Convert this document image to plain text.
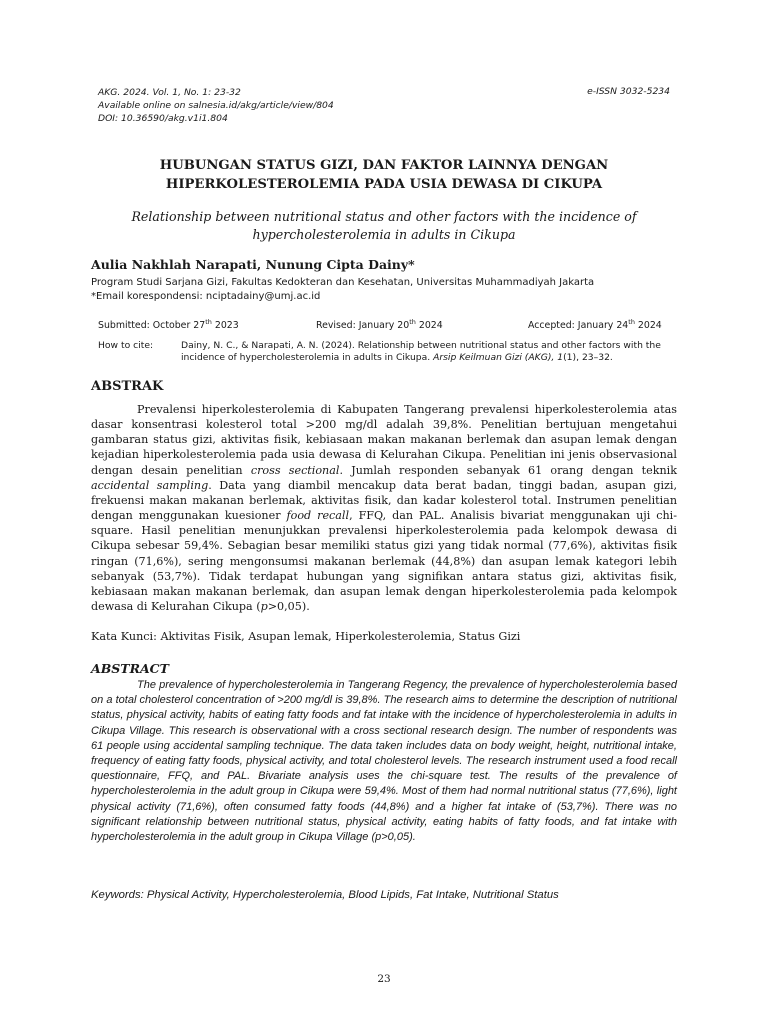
AKG. 2024. Vol. 1, No. 1: 23-32
Available online on salnesia.id/akg/article/view/804
DOI: 10.36590/akg.v1i1.804
e-ISSN 3032-5234
HUBUNGAN STATUS GIZI, DAN FAKTOR LAINNYA DENGAN
HIPERKOLESTEROLEMIA PADA USIA DEWASA DI CIKUPA
Relationship between nutritional status and other factors with the incidence of
hypercholesterolemia in adults in Cikupa
Aulia Nakhlah Narapati, Nunung Cipta Dainy*
Program Studi Sarjana Gizi, Fakultas Kedokteran dan Kesehatan, Universitas Muhammadiyah Jakarta
*Email korespondensi: nciptadainy@umj.ac.id
Submitted: October 27th 2023	Revised: January 20th 2024	Accepted: January 24th 2024
How to cite:	Dainy, N. C., & Narapati, A. N. (2024). Relationship between nutritional status and other factors with the incidence of hypercholesterolemia in adults in Cikupa. Arsip Keilmuan Gizi (AKG), 1(1), 23–32.
ABSTRAK
Prevalensi hiperkolesterolemia di Kabupaten Tangerang prevalensi hiperkolesterolemia atas dasar konsentrasi kolesterol total >200 mg/dl adalah 39,8%. Penelitian bertujuan mengetahui gambaran status gizi, aktivitas fisik, kebiasaan makan makanan berlemak dan asupan lemak dengan kejadian hiperkolesterolemia pada usia dewasa di Kelurahan Cikupa. Penelitian ini jenis observasional dengan desain penelitian cross sectional. Jumlah responden sebanyak 61 orang dengan teknik accidental sampling. Data yang diambil mencakup data berat badan, tinggi badan, asupan gizi, frekuensi makan makanan berlemak, aktivitas fisik, dan kadar kolesterol total. Instrumen penelitian dengan menggunakan kuesioner food recall, FFQ, dan PAL. Analisis bivariat menggunakan uji chi-square. Hasil penelitian menunjukkan prevalensi hiperkolesterolemia pada kelompok dewasa di Cikupa sebesar 59,4%. Sebagian besar memiliki status gizi yang tidak normal (77,6%), aktivitas fisik ringan (71,6%), sering mengonsumsi makanan berlemak (44,8%) dan asupan lemak kategori lebih sebanyak (53,7%). Tidak terdapat hubungan yang signifikan antara status gizi, aktivitas fisik, kebiasaan makan makanan berlemak, dan asupan lemak dengan hiperkolesterolemia pada kelompok dewasa di Kelurahan Cikupa (p>0,05).
Kata Kunci: Aktivitas Fisik, Asupan lemak, Hiperkolesterolemia, Status Gizi
ABSTRACT
The prevalence of hypercholesterolemia in Tangerang Regency, the prevalence of hypercholesterolemia based on a total cholesterol concentration of >200 mg/dl is 39,8%. The research aims to determine the description of nutritional status, physical activity, habits of eating fatty foods and fat intake with the incidence of hypercholesterolemia in adults in Cikupa Village. This research is observational with a cross sectional research design. The number of respondents was 61 people using accidental sampling technique. The data taken includes data on body weight, height, nutritional intake, frequency of eating fatty foods, physical activity, and total cholesterol levels. The research instrument used a food recall questionnaire, FFQ, and PAL. Bivariate analysis uses the chi-square test. The results of the prevalence of hypercholesterolemia in the adult group in Cikupa were 59,4%. Most of them had normal nutritional status (77,6%), light physical activity (71,6%), often consumed fatty foods (44,8%) and a higher fat intake of (53,7%). There was no significant relationship between nutritional status, physical activity, eating habits of fatty foods, and fat intake with hypercholesterolemia in the adult group in Cikupa Village (p>0,05).
Keywords: Physical Activity, Hypercholesterolemia, Blood Lipids, Fat Intake, Nutritional Status
23
